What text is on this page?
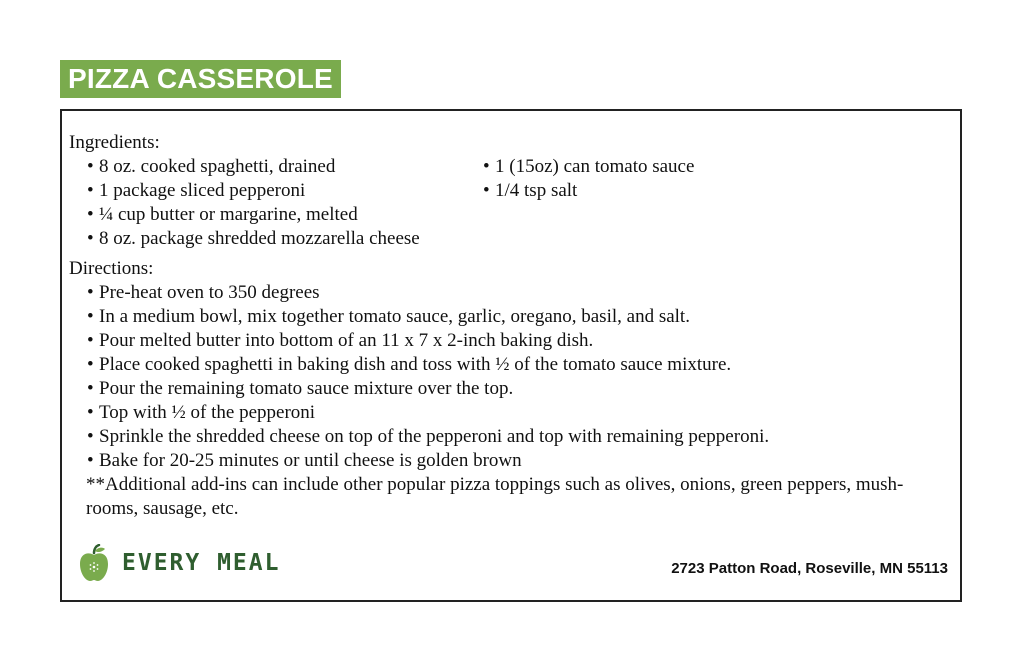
PIZZA CASSEROLE

Ingredients:

• 8 oz. cooked spaghetti, drained
• 1 package sliced pepperoni
• ¼ cup butter or margarine, melted
• 8 oz. package shredded mozzarella cheese
• 1 (15oz) can tomato sauce
• 1/4 tsp salt

Directions:

• Pre-heat oven to 350 degrees
• In a medium bowl, mix together tomato sauce, garlic, oregano, basil, and salt.
• Pour melted butter into bottom of an 11 x 7 x 2-inch baking dish.
• Place cooked spaghetti in baking dish and toss with ½ of the tomato sauce mixture.
• Pour the remaining tomato sauce mixture over the top.
• Top with ½ of the pepperoni
• Sprinkle the shredded cheese on top of the pepperoni and top with remaining pepperoni.
• Bake for 20-25 minutes or until cheese is golden brown
**Additional add-ins can include other popular pizza toppings such as olives, onions, green peppers, mush-
rooms, sausage, etc.
EVERY MEAL	2723 Patton Road, Roseville, MN 55113
